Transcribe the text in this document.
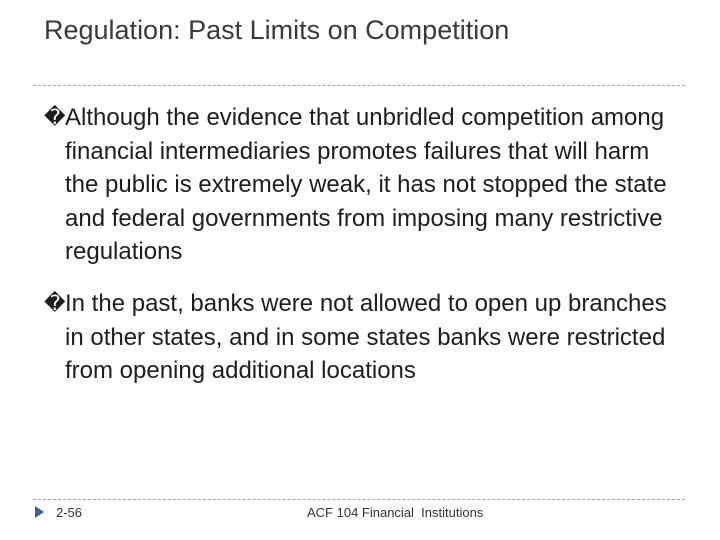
Regulation: Past Limits on Competition
� Although the evidence that unbridled competition among financial intermediaries promotes failures that will harm the public is extremely weak, it has not stopped the state and federal governments from imposing many restrictive regulations
� In the past, banks were not allowed to open up branches in other states, and in some states banks were restricted from opening additional locations
2-56	ACF 104 Financial  Institutions
